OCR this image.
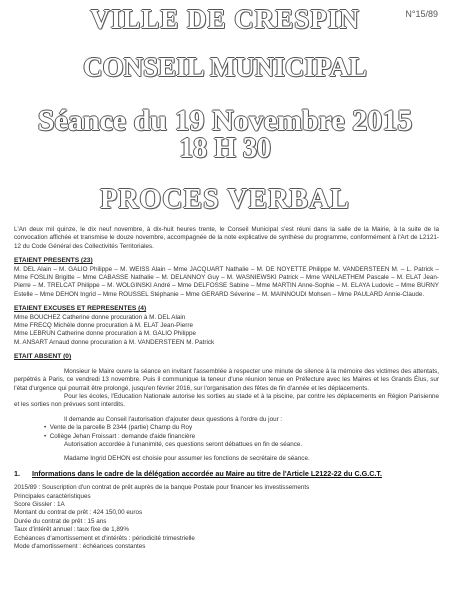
VILLE DE CRESPIN	N°15/89
CONSEIL MUNICIPAL
Séance du 19 Novembre 2015
18 H 30
PROCES VERBAL

L'An deux mil quinze, le dix neuf novembre, à dix-huit heures trente, le Conseil Municipal s'est réuni dans la salle de la Mairie, à la suite de la convocation affichée et transmise le douze novembre, accompagnée de la note explicative de synthèse du programme, conformément à l'Art de L2121-12 du Code Général des Collectivités Territoriales.

ETAIENT PRESENTS (23)

M. DEL Alain – M. GALIO Philippe – M. WEISS Alain – Mme JACQUART Nathalie – M. DE NOYETTE Philippe M. VANDERSTEEN M. – L. Patrick – Mme FOSLIN Brigitte – Mme CABASSE Nathalie – M. DELANNOY Guy – M. WASNIEWSKI Patrick – Mme VANLAETHEM Pascale – M. ELAT Jean-Pierre – M. TRELCAT Philippe – M. WOLGINSKI André – Mme DELFOSSE Sabine – Mme MARTIN Anne-Sophie – M. ELAYA Ludovic – Mme BURNY Estelle – Mme DEHON Ingrid – Mme ROUSSEL Stéphanie – Mme GERARD Séverine – M. MAINNOUDI Mohsen – Mme PAULARD Annie-Claude.

ETAIENT EXCUSES ET REPRESENTES (4)
Mme BOUCHEZ Catherine donne procuration à M. DEL Alain
Mme FRECQ Michèle donne procuration à M. ELAT Jean-Pierre
Mme LEBRUN Catherine donne procuration à M. GALIO Philippe
M. ANSART Arnaud donne procuration à M. VANDERSTEEN M. Patrick
ETAIT ABSENT (0)

Monsieur le Maire ouvre la séance en invitant l'assemblée à respecter une minute de silence à la mémoire des victimes des attentats, perpétrés à Paris, ce vendredi 13 novembre. Puis il communique la teneur d'une réunion tenue en Préfecture avec les Maires et les Grands Élus, sur l'état d'urgence qui pourrait être prolongé, jusqu'en février 2016, sur l'organisation des fêtes de fin d'année et les déplacements.

Pour les écoles, l'Education Nationale autorise les sorties au stade et à la piscine, par contre les déplacements en Région Parisienne et les sorties non prévues sont interdits.

Il demande au Conseil l'autorisation d'ajouter deux questions à l'ordre du jour :

•  Vente de la parcelle B 2344 (partie) Champ du Roy
•  Collège Jehan Froissart : demande d'aide financière

Autorisation accordée à l'unanimité, ces questions seront débattues en fin de séance.

Madame Ingrid DEHON est choisie pour assumer les fonctions de secrétaire de séance.

1. Informations dans le cadre de la délégation accordée au Maire au titre de l'Article L2122-22 du C.G.C.T.
2015/89 : Souscription d'un contrat de prêt auprès de la banque Postale pour financer les investissements
Principales caractéristiques
Score Gissler : 1A
Montant du contrat de prêt : 424 150,00 euros
Durée du contrat de prêt : 15 ans
Taux d'intérêt annuel : taux fixe de 1,89%
Echéances d'amortissement et d'intérêts : périodicité trimestrielle
Mode d'amortissement : échéances constantes
